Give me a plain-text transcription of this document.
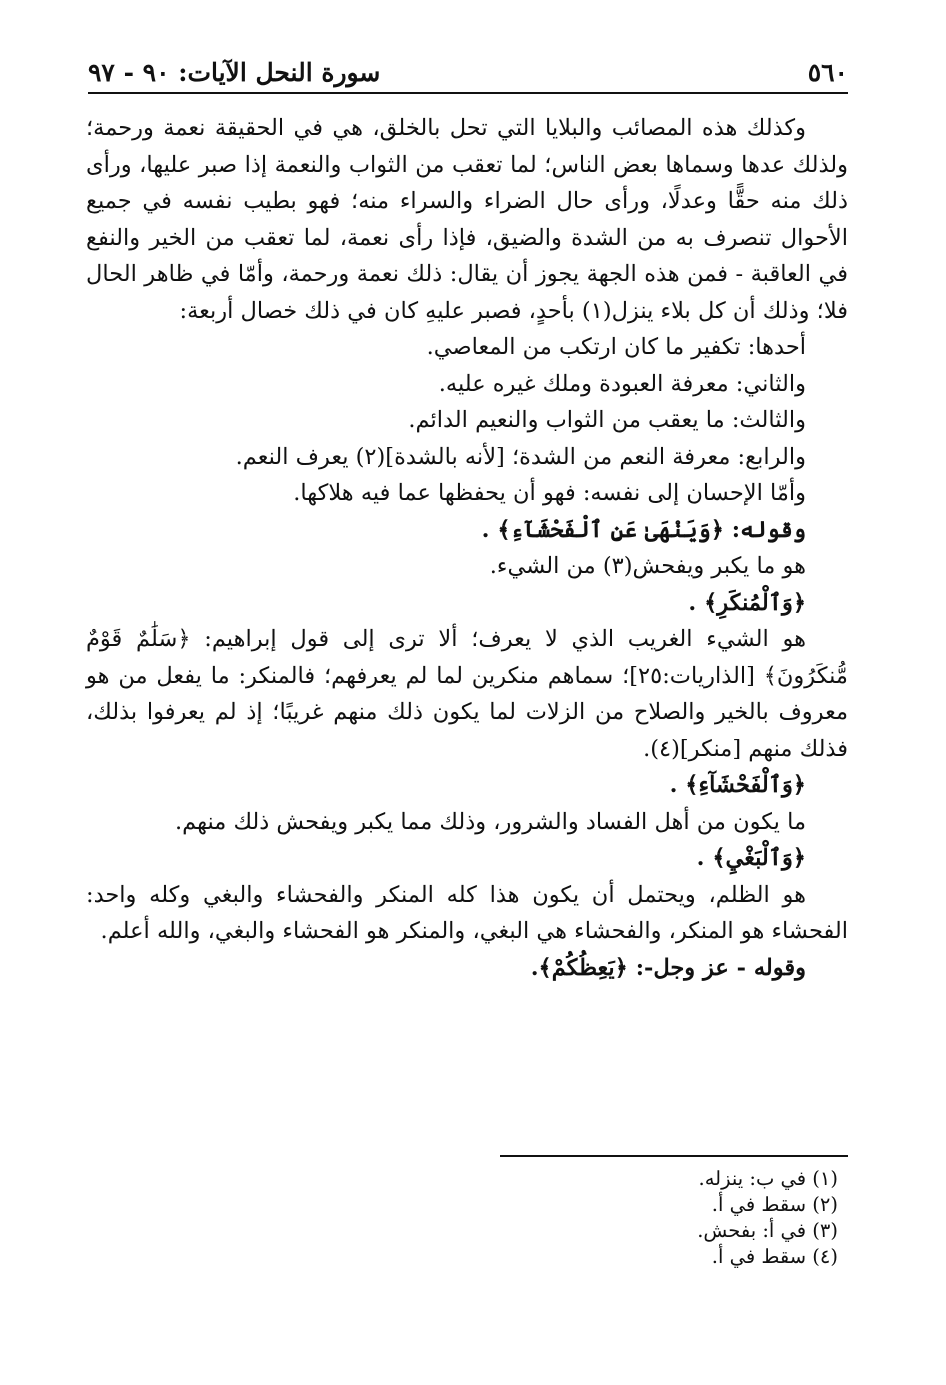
٥٦٠
سورة النحل الآيات: ٩٠ - ٩٧

وكذلك هذه المصائب والبلايا التي تحل بالخلق، هي في الحقيقة نعمة ورحمة؛ ولذلك عدها وسماها بعض الناس؛ لما تعقب من الثواب والنعمة إذا صبر عليها، ورأى ذلك منه حقًّا وعدلًا، ورأى حال الضراء والسراء منه؛ فهو بطيب نفسه في جميع الأحوال تنصرف به من الشدة والضيق، فإذا رأى نعمة، لما تعقب من الخير والنفع في العاقبة - فمن هذه الجهة يجوز أن يقال: ذلك نعمة ورحمة، وأمّا في ظاهر الحال فلا؛ وذلك أن كل بلاء ينزل(١) بأحدٍ، فصبر عليهِ كان في ذلك خصال أربعة:

أحدها: تكفير ما كان ارتكب من المعاصي.

والثاني: معرفة العبودة وملك غيره عليه.

والثالث: ما يعقب من الثواب والنعيم الدائم.

والرابع: معرفة النعم من الشدة؛ [لأنه بالشدة](٢) يعرف النعم.

وأمّا الإحسان إلى نفسه: فهو أن يحفظها عما فيه هلاكها.

وقوله: ﴿وَيَنْهَىٰ عَنِ ٱلْفَحْشَآءِ﴾ .

هو ما يكبر ويفحش(٣) من الشيء.

﴿وَٱلْمُنكَرِ﴾ .

هو الشيء الغريب الذي لا يعرف؛ ألا ترى إلى قول إبراهيم: ﴿سَلَٰمٌ قَوْمٌ مُّنكَرُونَ﴾ [الذاريات:٢٥]؛ سماهم منكرين لما لم يعرفهم؛ فالمنكر: ما يفعل من هو معروف بالخير والصلاح من الزلات لما يكون ذلك منهم غريبًا؛ إذ لم يعرفوا بذلك، فذلك منهم [منكر](٤).

﴿وَٱلْفَحْشَآءِ﴾ .

ما يكون من أهل الفساد والشرور، وذلك مما يكبر ويفحش ذلك منهم.

﴿وَٱلْبَغْيِ﴾ .

هو الظلم، ويحتمل أن يكون هذا كله المنكر والفحشاء والبغي وكله واحد: الفحشاء هو المنكر، والفحشاء هي البغي، والمنكر هو الفحشاء والبغي، والله أعلم.

وقوله - عز وجل-: ﴿يَعِظُكُمْ﴾.

(١) في ب: ينزله.
(٢) سقط في أ.
(٣) في أ: بفحش.
(٤) سقط في أ.
